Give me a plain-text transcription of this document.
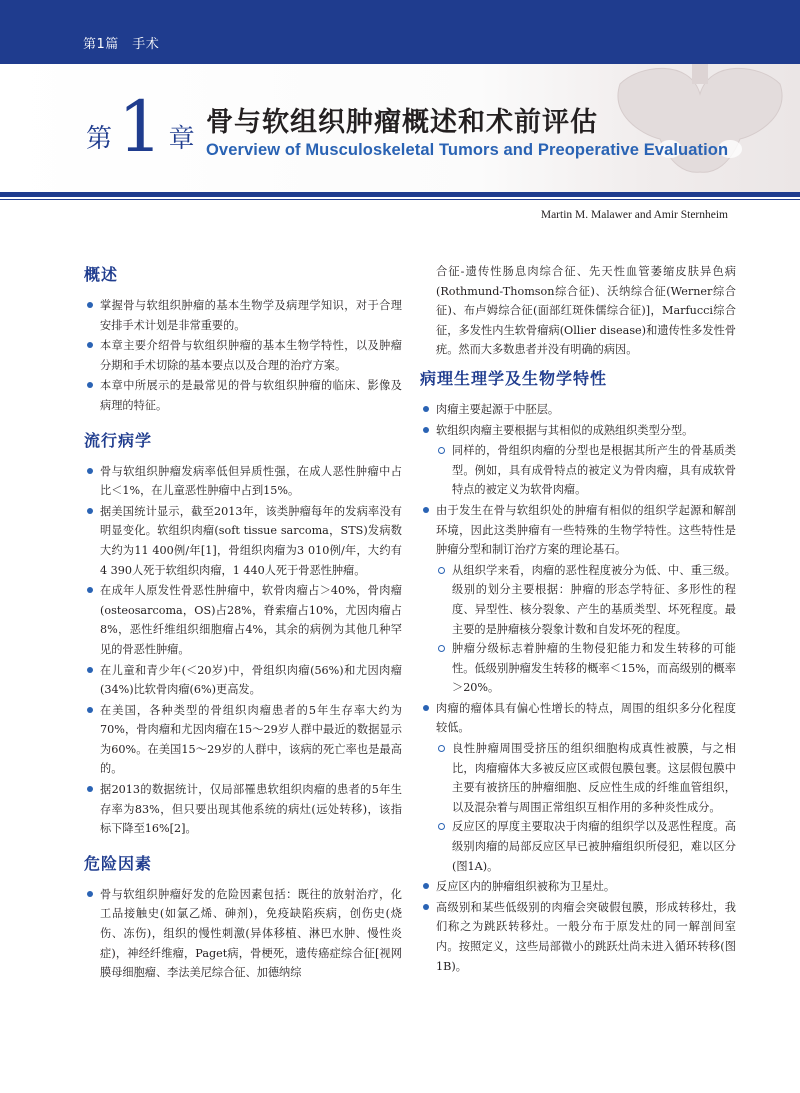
第1篇　手术
第 1 章
骨与软组织肿瘤概述和术前评估
Overview of Musculoskeletal Tumors and Preoperative Evaluation
Martin M. Malawer and Amir Sternheim
概述
掌握骨与软组织肿瘤的基本生物学及病理学知识，对于合理安排手术计划是非常重要的。
本章主要介绍骨与软组织肿瘤的基本生物学特性，以及肿瘤分期和手术切除的基本要点以及合理的治疗方案。
本章中所展示的是最常见的骨与软组织肿瘤的临床、影像及病理的特征。
流行病学
骨与软组织肿瘤发病率低但异质性强，在成人恶性肿瘤中占比＜1%，在儿童恶性肿瘤中占到15%。
据美国统计显示，截至2013年，该类肿瘤每年的发病率没有明显变化。软组织肉瘤(soft tissue sarcoma，STS)发病数大约为11 400例/年[1]，骨组织肉瘤为3 010例/年，大约有4 390人死于软组织肉瘤，1 440人死于骨恶性肿瘤。
在成年人原发性骨恶性肿瘤中，软骨肉瘤占＞40%，骨肉瘤(osteosarcoma，OS)占28%，脊索瘤占10%，尤因肉瘤占8%，恶性纤维组织细胞瘤占4%，其余的病例为其他几种罕见的骨恶性肿瘤。
在儿童和青少年(＜20岁)中，骨组织肉瘤(56%)和尤因肉瘤(34%)比软骨肉瘤(6%)更高发。
在美国，各种类型的骨组织肉瘤患者的5年生存率大约为70%，骨肉瘤和尤因肉瘤在15～29岁人群中最近的数据显示为60%。在美国15～29岁的人群中，该病的死亡率也是最高的。
据2013的数据统计，仅局部罹患软组织肉瘤的患者的5年生存率为83%，但只要出现其他系统的病灶(远处转移)，该指标下降至16%[2]。
危险因素
骨与软组织肿瘤好发的危险因素包括：既往的放射治疗，化工品接触史(如氯乙烯、砷剂)，免疫缺陷疾病，创伤史(烧伤、冻伤)，组织的慢性刺激(异体移植、淋巴水肿、慢性炎症)，神经纤维瘤，Paget病，骨梗死，遗传癌症综合征[视网膜母细胞瘤、李法美尼综合征、加德纳综
合征-遗传性肠息肉综合征、先天性血管萎缩皮肤异色病(Rothmund-Thomson综合征)、沃纳综合征(Werner综合征)、布卢姆综合征(面部红斑侏儒综合征)]，Marfucci综合征，多发性内生软骨瘤病(Ollier disease)和遗传性多发性骨疣。然而大多数患者并没有明确的病因。
病理生理学及生物学特性
肉瘤主要起源于中胚层。
软组织肉瘤主要根据与其相似的成熟组织类型分型。
同样的，骨组织肉瘤的分型也是根据其所产生的骨基质类型。例如，具有成骨特点的被定义为骨肉瘤，具有成软骨特点的被定义为软骨肉瘤。
由于发生在骨与软组织处的肿瘤有相似的组织学起源和解剖环境，因此这类肿瘤有一些特殊的生物学特性。这些特性是肿瘤分型和制订治疗方案的理论基石。
从组织学来看，肉瘤的恶性程度被分为低、中、重三级。级别的划分主要根据：肿瘤的形态学特征、多形性的程度、异型性、核分裂象、产生的基质类型、坏死程度。最主要的是肿瘤核分裂象计数和自发坏死的程度。
肿瘤分级标志着肿瘤的生物侵犯能力和发生转移的可能性。低级别肿瘤发生转移的概率＜15%，而高级别的概率＞20%。
肉瘤的瘤体具有偏心性增长的特点，周围的组织多分化程度较低。
良性肿瘤周围受挤压的组织细胞构成真性被膜，与之相比，肉瘤瘤体大多被反应区或假包膜包裹。这层假包膜中主要有被挤压的肿瘤细胞、反应性生成的纤维血管组织，以及混杂着与周围正常组织互相作用的多种炎性成分。
反应区的厚度主要取决于肉瘤的组织学以及恶性程度。高级别肉瘤的局部反应区早已被肿瘤组织所侵犯，难以区分(图1A)。
反应区内的肿瘤组织被称为卫星灶。
高级别和某些低级别的肉瘤会突破假包膜，形成转移灶，我们称之为跳跃转移灶。一般分布于原发灶的同一解剖间室内。按照定义，这些局部微小的跳跃灶尚未进入循环转移(图1B)。
